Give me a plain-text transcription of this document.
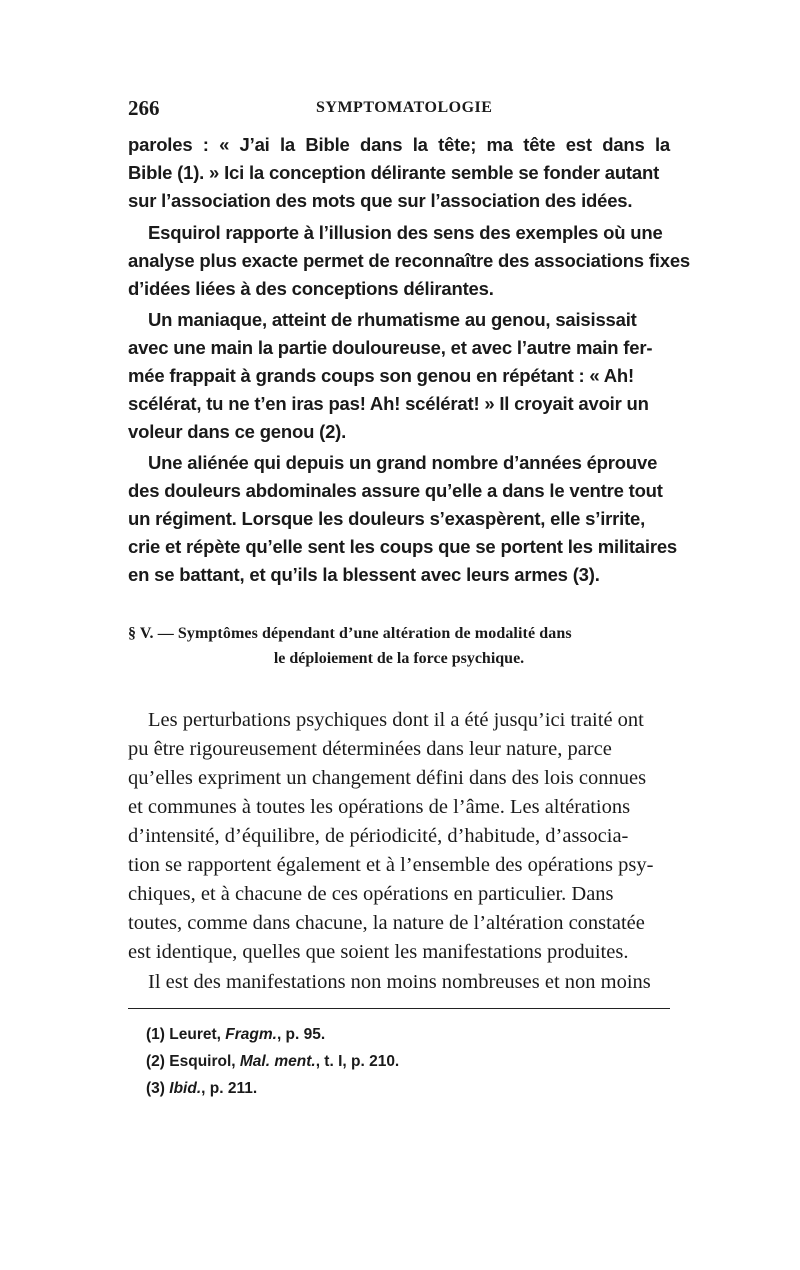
266	SYMPTOMATOLOGIE
paroles : « J’ai la Bible dans la tête; ma tête est dans la
Bible (1). » Ici la conception délirante semble se fonder autant
sur l’association des mots que sur l’association des idées.
Esquirol rapporte à l’illusion des sens des exemples où une
analyse plus exacte permet de reconnaître des associations fixes
d’idées liées à des conceptions délirantes.
Un maniaque, atteint de rhumatisme au genou, saisissait
avec une main la partie douloureuse, et avec l’autre main fer-
mée frappait à grands coups son genou en répétant : « Ah!
scélérat, tu ne t’en iras pas! Ah! scélérat! » Il croyait avoir un
voleur dans ce genou (2).
Une aliénée qui depuis un grand nombre d’années éprouve
des douleurs abdominales assure qu’elle a dans le ventre tout
un régiment. Lorsque les douleurs s’exaspèrent, elle s’irrite,
crie et répète qu’elle sent les coups que se portent les militaires
en se battant, et qu’ils la blessent avec leurs armes (3).
§ V. — Symptômes dépendant d’une altération de modalité dans
le déploiement de la force psychique.
Les perturbations psychiques dont il a été jusqu’ici traité ont
pu être rigoureusement déterminées dans leur nature, parce
qu’elles expriment un changement défini dans des lois connues
et communes à toutes les opérations de l’âme. Les altérations
d’intensité, d’équilibre, de périodicité, d’habitude, d’associa-
tion se rapportent également et à l’ensemble des opérations psy-
chiques, et à chacune de ces opérations en particulier. Dans
toutes, comme dans chacune, la nature de l’altération constatée
est identique, quelles que soient les manifestations produites.
Il est des manifestations non moins nombreuses et non moins
(1) Leuret, Fragm., p. 95.
(2) Esquirol, Mal. ment., t. I, p. 210.
(3) Ibid., p. 211.
